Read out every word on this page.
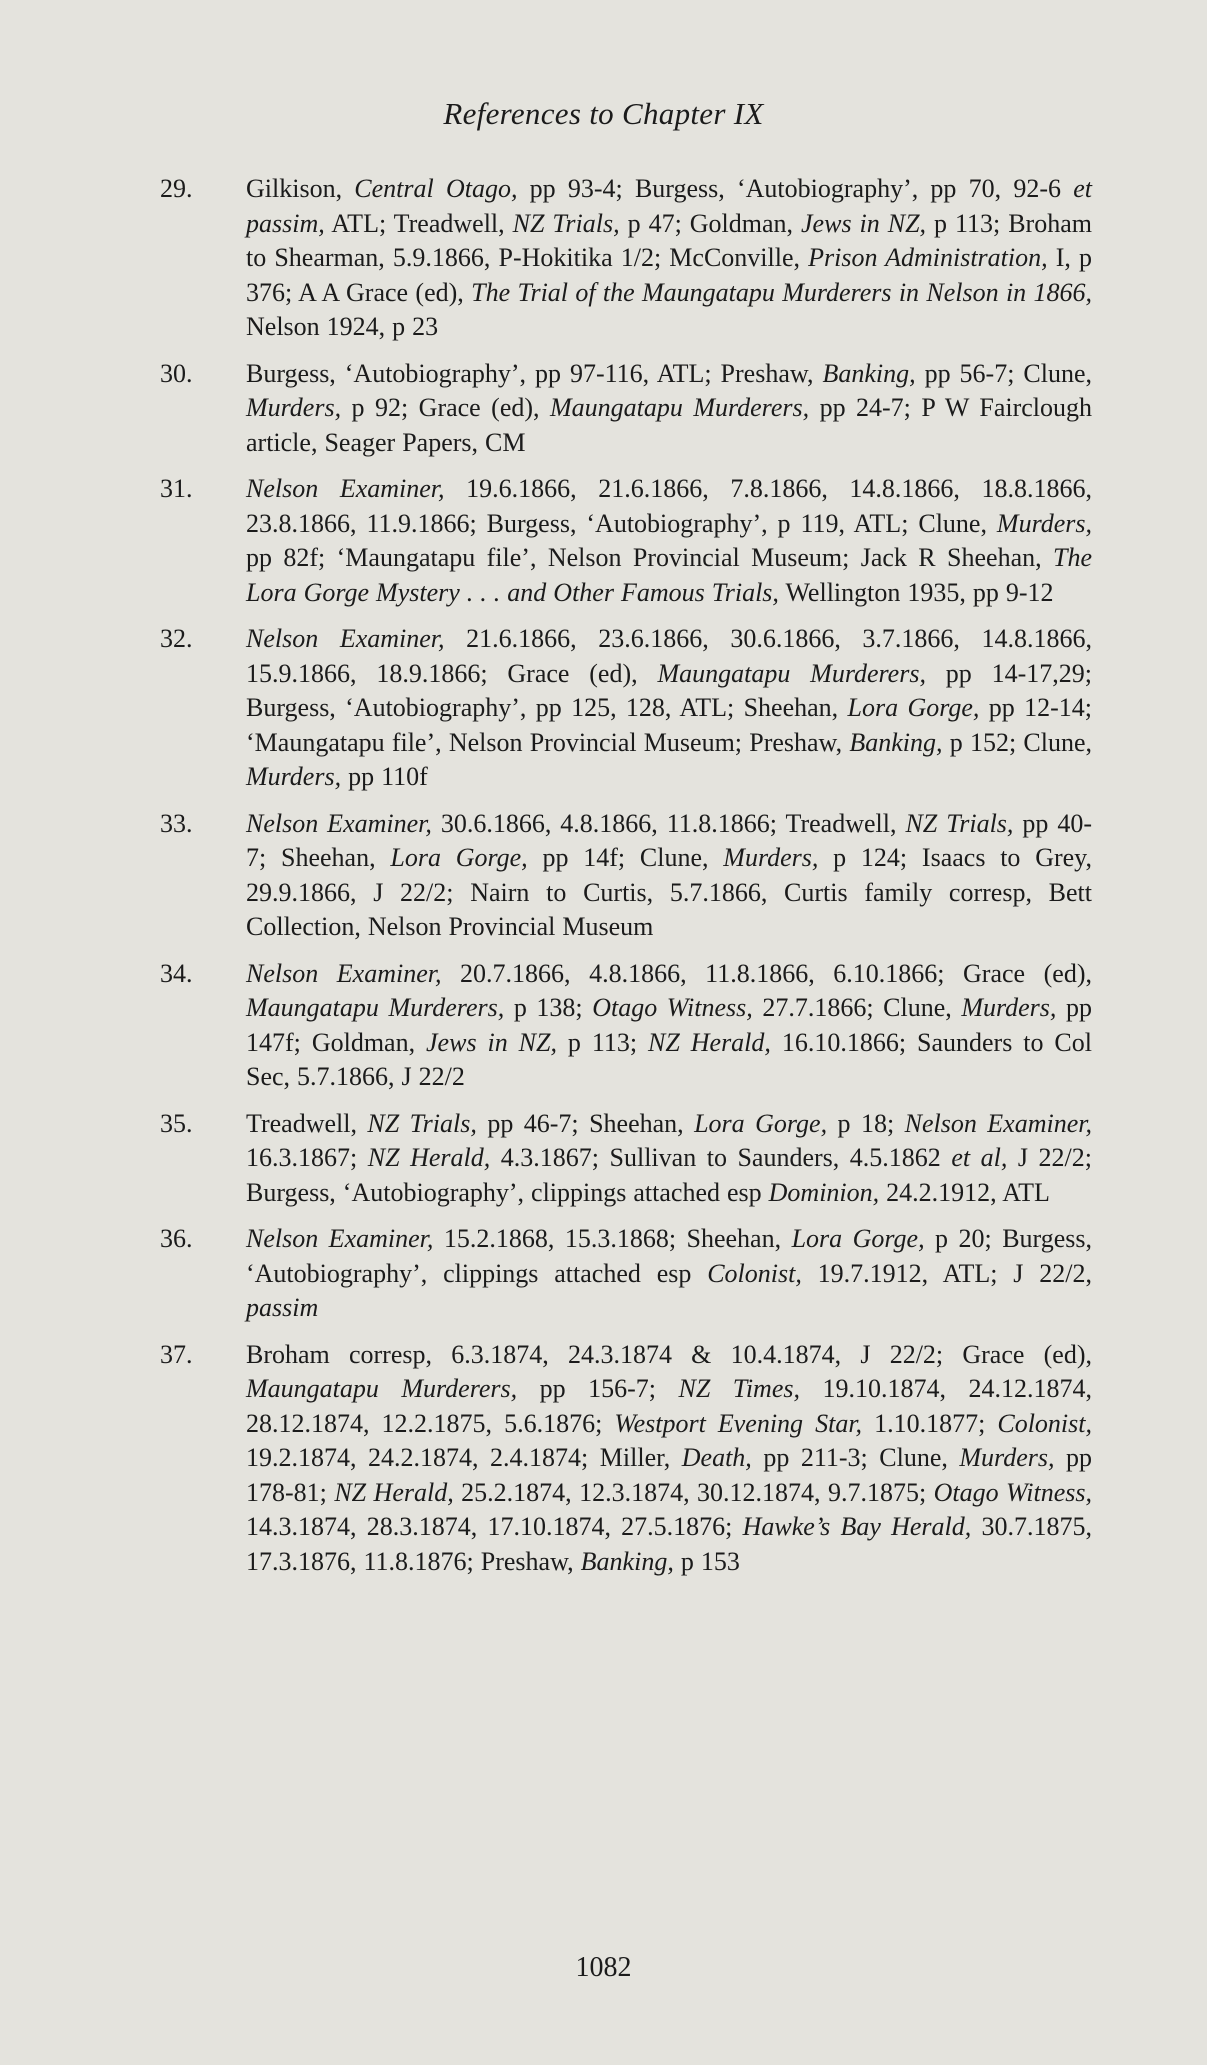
References to Chapter IX
29.	Gilkison, Central Otago, pp 93-4; Burgess, ‘Autobiography’, pp 70, 92-6 et passim, ATL; Treadwell, NZ Trials, p 47; Goldman, Jews in NZ, p 113; Broham to Shearman, 5.9.1866, P-Hokitika 1/2; McConville, Prison Administration, I, p 376; A A Grace (ed), The Trial of the Maungatapu Murderers in Nelson in 1866, Nelson 1924, p 23
30.	Burgess, ‘Autobiography’, pp 97-116, ATL; Preshaw, Banking, pp 56-7; Clune, Murders, p 92; Grace (ed), Maungatapu Murderers, pp 24-7; P W Fairclough article, Seager Papers, CM
31.	Nelson Examiner, 19.6.1866, 21.6.1866, 7.8.1866, 14.8.1866, 18.8.1866, 23.8.1866, 11.9.1866; Burgess, ‘Autobiography’, p 119, ATL; Clune, Murders, pp 82f; ‘Maungatapu file’, Nelson Provincial Museum; Jack R Sheehan, The Lora Gorge Mystery . . . and Other Famous Trials, Wellington 1935, pp 9-12
32.	Nelson Examiner, 21.6.1866, 23.6.1866, 30.6.1866, 3.7.1866, 14.8.1866, 15.9.1866, 18.9.1866; Grace (ed), Maungatapu Murderers, pp 14-17,29; Burgess, ‘Autobiography’, pp 125, 128, ATL; Sheehan, Lora Gorge, pp 12-14; ‘Maungatapu file’, Nelson Provincial Museum; Preshaw, Banking, p 152; Clune, Murders, pp 110f
33.	Nelson Examiner, 30.6.1866, 4.8.1866, 11.8.1866; Treadwell, NZ Trials, pp 40-7; Sheehan, Lora Gorge, pp 14f; Clune, Murders, p 124; Isaacs to Grey, 29.9.1866, J 22/2; Nairn to Curtis, 5.7.1866, Curtis family corresp, Bett Collection, Nelson Provincial Museum
34.	Nelson Examiner, 20.7.1866, 4.8.1866, 11.8.1866, 6.10.1866; Grace (ed), Maungatapu Murderers, p 138; Otago Witness, 27.7.1866; Clune, Murders, pp 147f; Goldman, Jews in NZ, p 113; NZ Herald, 16.10.1866; Saunders to Col Sec, 5.7.1866, J 22/2
35.	Treadwell, NZ Trials, pp 46-7; Sheehan, Lora Gorge, p 18; Nelson Examiner, 16.3.1867; NZ Herald, 4.3.1867; Sullivan to Saunders, 4.5.1862 et al, J 22/2; Burgess, ‘Autobiography’, clippings attached esp Dominion, 24.2.1912, ATL
36.	Nelson Examiner, 15.2.1868, 15.3.1868; Sheehan, Lora Gorge, p 20; Burgess, ‘Autobiography’, clippings attached esp Colonist, 19.7.1912, ATL; J 22/2, passim
37.	Broham corresp, 6.3.1874, 24.3.1874 & 10.4.1874, J 22/2; Grace (ed), Maungatapu Murderers, pp 156-7; NZ Times, 19.10.1874, 24.12.1874, 28.12.1874, 12.2.1875, 5.6.1876; Westport Evening Star, 1.10.1877; Colonist, 19.2.1874, 24.2.1874, 2.4.1874; Miller, Death, pp 211-3; Clune, Murders, pp 178-81; NZ Herald, 25.2.1874, 12.3.1874, 30.12.1874, 9.7.1875; Otago Witness, 14.3.1874, 28.3.1874, 17.10.1874, 27.5.1876; Hawke’s Bay Herald, 30.7.1875, 17.3.1876, 11.8.1876; Preshaw, Banking, p 153
1082
